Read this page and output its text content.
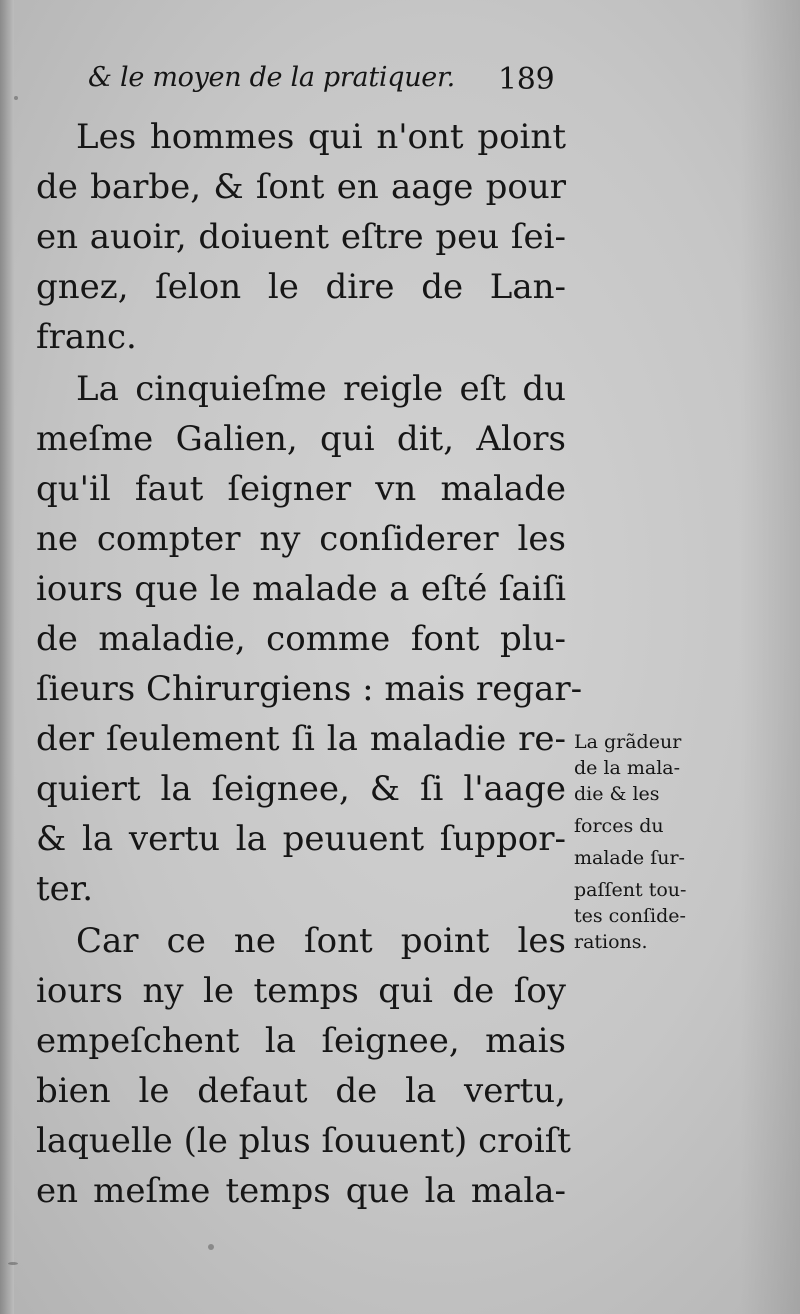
& le moyen de la pratiquer. 189
Les hommes qui n'ont point
de barbe, & ſont en aage pour
en auoir, doiuent eſtre peu ſei-
gnez, ſelon le dire de Lan-
franc.
La cinquieſme reigle eſt du
meſme Galien, qui dit, Alors
qu'il faut ſeigner vn malade
ne compter ny conſiderer les
iours que le malade a eſté ſaiſi
de maladie, comme font plu-
ſieurs Chirurgiens : mais regar-
der ſeulement ſi la maladie re-
quiert la ſeignee, & ſi l'aage
& la vertu la peuuent ſuppor-
ter.
Car ce ne ſont point les
iours ny le temps qui de ſoy
empeſchent la ſeignee, mais
bien le defaut de la vertu,
laquelle (le plus ſouuent) croiſt
en meſme temps que la mala-
La grãdeur
de la mala-
die & les
forces du
malade ſur-
paſſent tou-
tes conſide-
rations.
